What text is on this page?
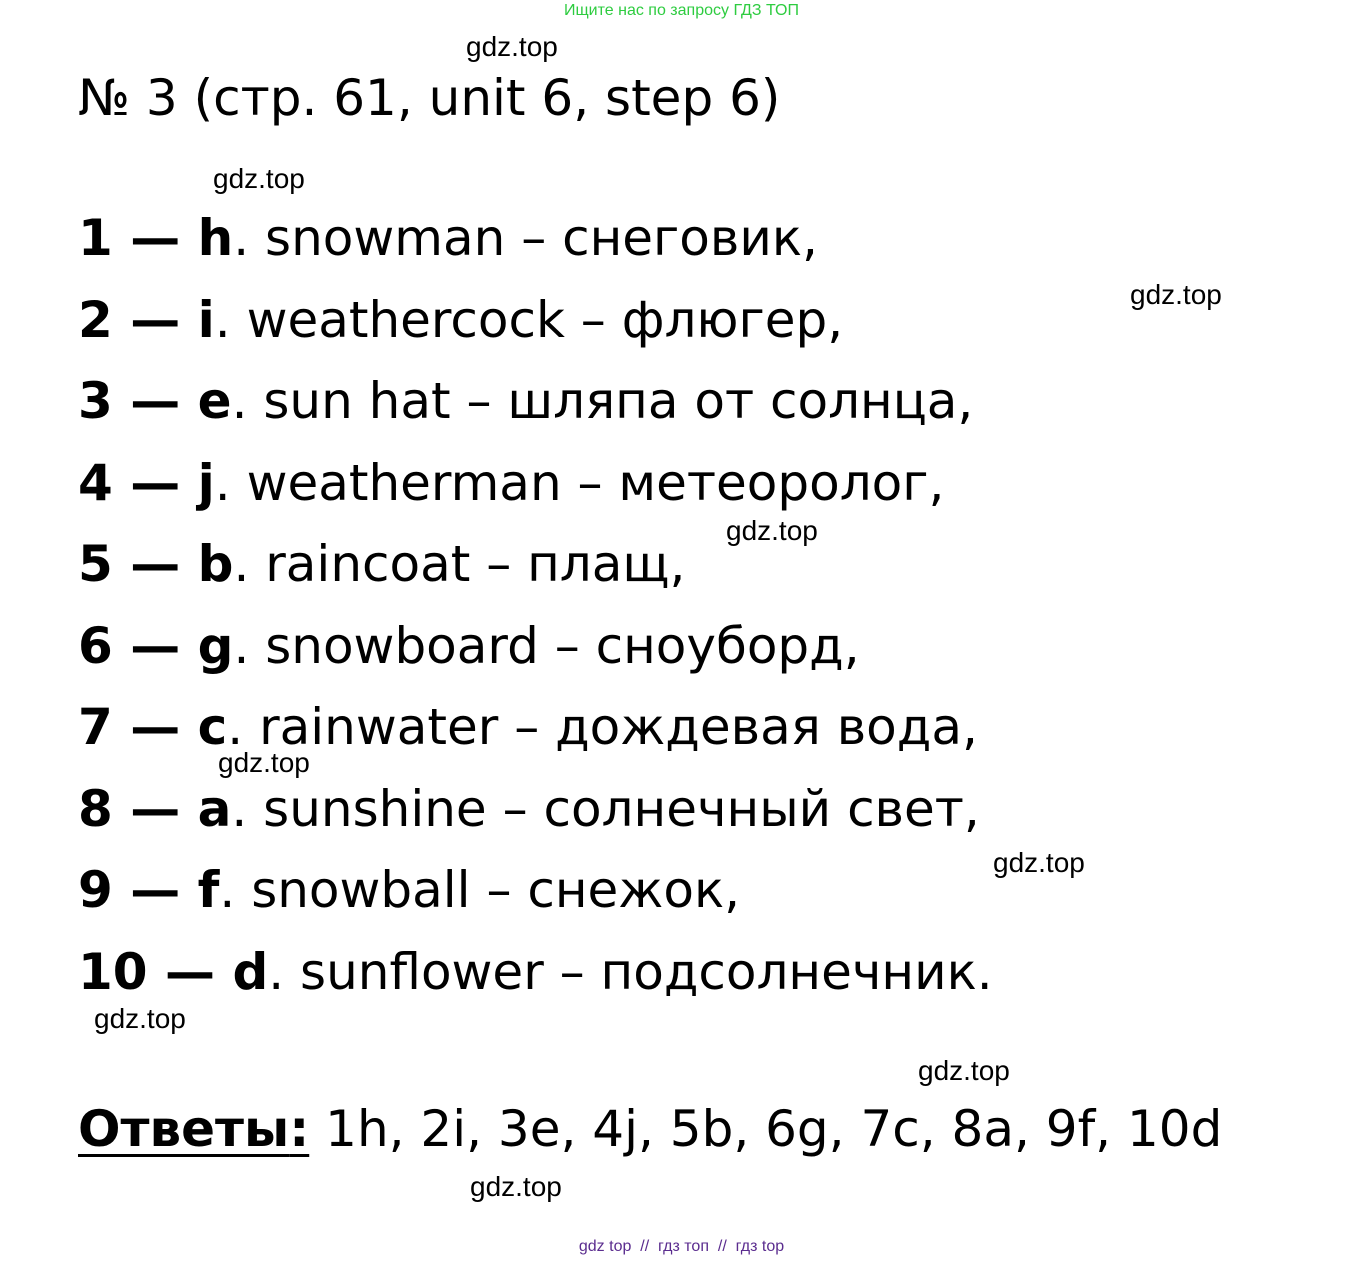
Ищите нас по запросу ГДЗ ТОП
gdz.top
gdz.top
gdz.top
gdz.top
gdz.top
gdz.top
gdz.top
gdz.top
gdz.top
№ 3 (стр. 61, unit 6, step 6)
1 — h. snowman – снеговик,
2 — i. weathercock – флюгер,
3 — e. sun hat – шляпа от солнца,
4 — j. weatherman – метеоролог,
5 — b. raincoat – плащ,
6 — g. snowboard – сноуборд,
7 — c. rainwater – дождевая вода,
8 — a. sunshine – солнечный свет,
9 — f. snowball – снежок,
10 — d. sunflower – подсолнечник.
Ответы: 1h, 2i, 3e, 4j, 5b, 6g, 7c, 8a, 9f, 10d
gdz top  //  гдз топ  //  гдз top
